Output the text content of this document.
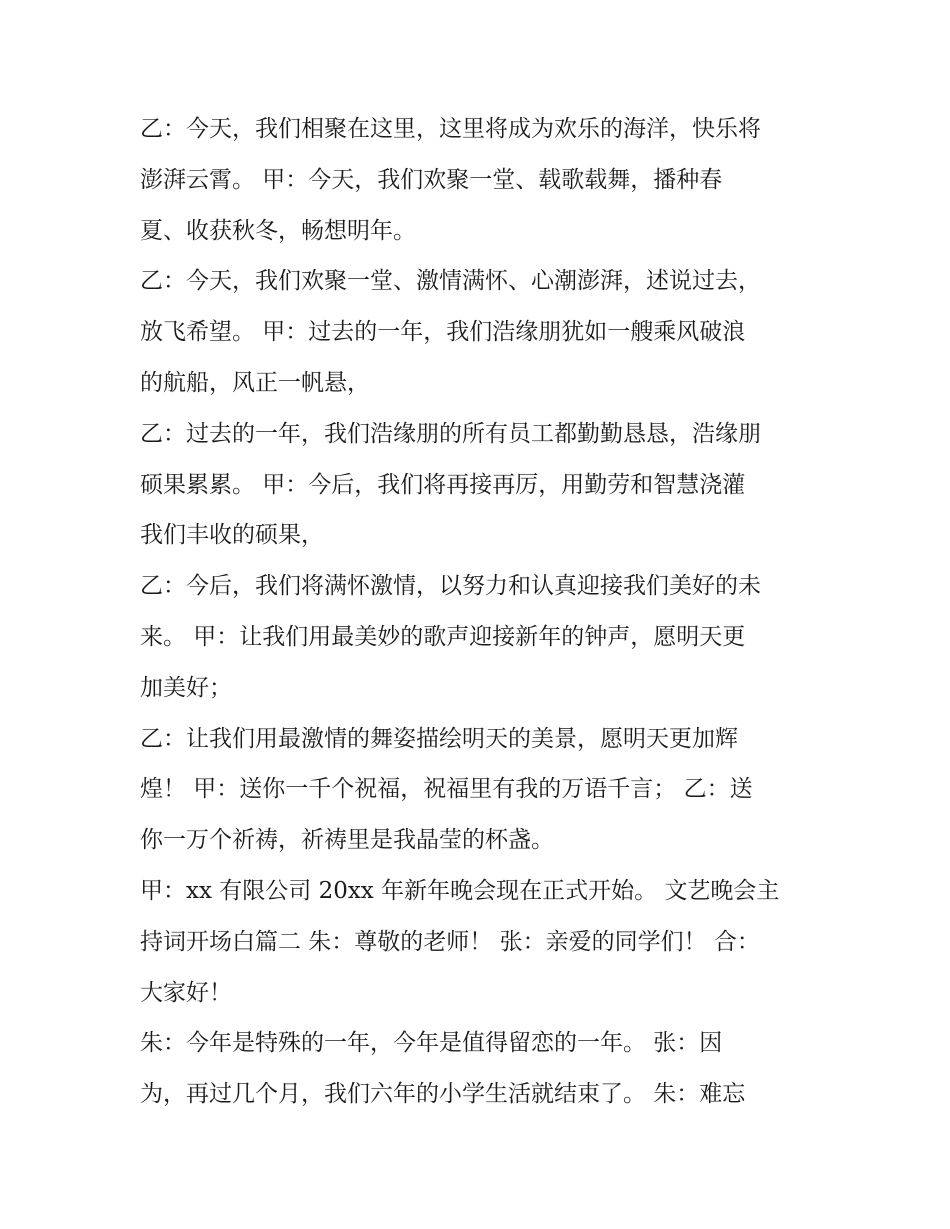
乙：今天，我们相聚在这里，这里将成为欢乐的海洋，快乐将
澎湃云霄。 甲：今天，我们欢聚一堂、载歌载舞，播种春
夏、收获秋冬，畅想明年。
乙：今天，我们欢聚一堂、激情满怀、心潮澎湃，述说过去，
放飞希望。 甲：过去的一年，我们浩缘朋犹如一艘乘风破浪
的航船，风正一帆悬，
乙：过去的一年，我们浩缘朋的所有员工都勤勤恳恳，浩缘朋
硕果累累。 甲：今后，我们将再接再厉，用勤劳和智慧浇灌
我们丰收的硕果，
乙：今后，我们将满怀激情，以努力和认真迎接我们美好的未
来。 甲：让我们用最美妙的歌声迎接新年的钟声，愿明天更
加美好；
乙：让我们用最激情的舞姿描绘明天的美景，愿明天更加辉
煌！ 甲：送你一千个祝福，祝福里有我的万语千言； 乙：送
你一万个祈祷，祈祷里是我晶莹的杯盏。
甲：xx 有限公司 20xx 年新年晚会现在正式开始。 文艺晚会主
持词开场白篇二 朱：尊敬的老师！ 张：亲爱的同学们！ 合：
大家好！
朱：今年是特殊的一年，今年是值得留恋的一年。 张：因
为，再过几个月，我们六年的小学生活就结束了。 朱：难忘
